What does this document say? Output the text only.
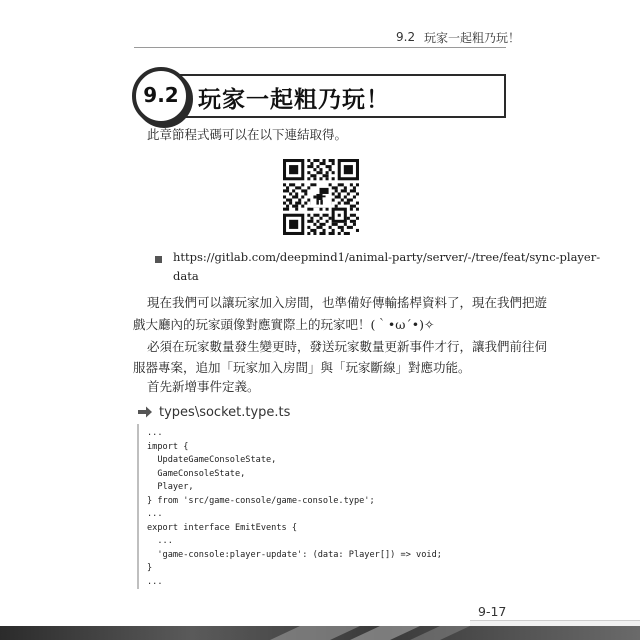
9.2 玩家一起粗乃玩！
9.2 玩家一起粗乃玩！
此章節程式碼可以在以下連結取得。
https://gitlab.com/deepmind1/animal-party/server/-/tree/feat/sync-player-
data
現在我們可以讓玩家加入房間，也準備好傳輸搖桿資料了，現在我們把遊
戲大廳內的玩家頭像對應實際上的玩家吧！(｀•ω´•)✧
必須在玩家數量發生變更時，發送玩家數量更新事件才行，讓我們前往伺
服器專案，追加「玩家加入房間」與「玩家斷線」對應功能。
首先新增事件定義。
types\socket.type.ts
...
import {
UpdateGameConsoleState,
GameConsoleState,
Player,
} from 'src/game-console/game-console.type';
...
export interface EmitEvents {
...
'game-console:player-update': (data: Player[]) => void;
}
...
9-17
